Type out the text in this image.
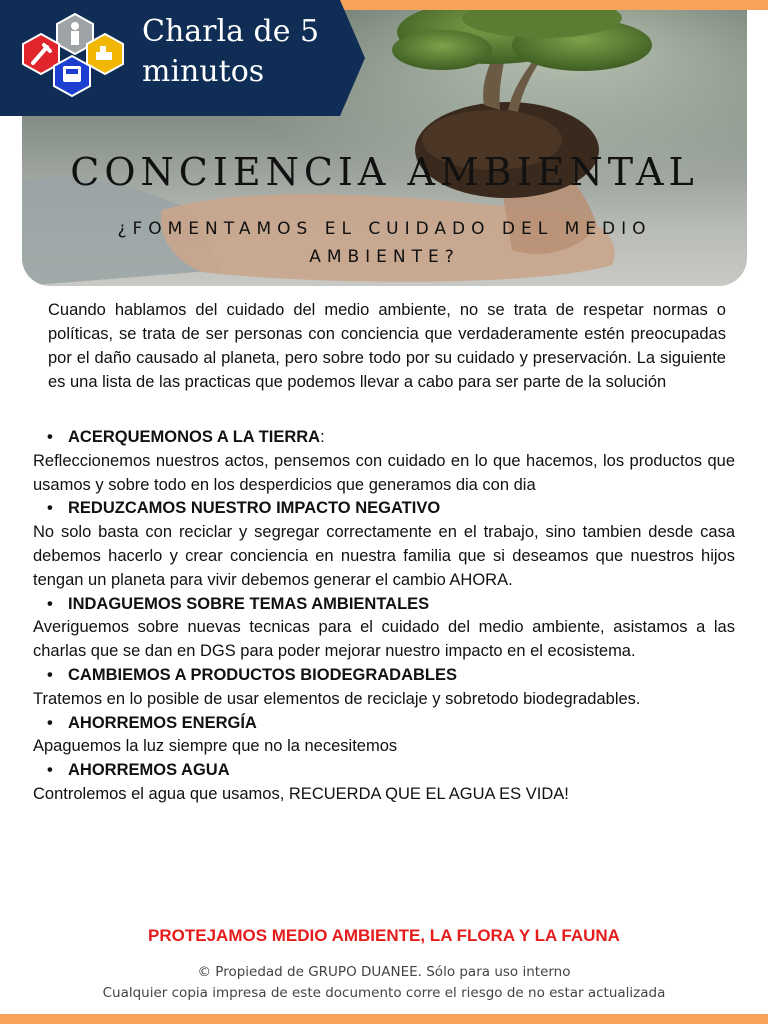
CONCIENCIA AMBIENTAL
¿FOMENTAMOS EL CUIDADO DEL MEDIO AMBIENTE?
Charla de 5 minutos
Cuando hablamos del cuidado del medio ambiente, no se trata de respetar normas o políticas, se trata de ser personas con conciencia que verdaderamente estén preocupadas por el daño causado al planeta, pero sobre todo por su cuidado y preservación. La siguiente es una lista de las practicas que podemos llevar a cabo para ser parte de la solución
• ACERQUEMONOS A LA TIERRA :
Refleccionemos nuestros actos, pensemos con cuidado en lo que hacemos, los productos que usamos y sobre todo en los desperdicios que generamos dia con dia
• REDUZCAMOS NUESTRO IMPACTO NEGATIVO
No solo basta con reciclar y segregar correctamente en el trabajo, sino tambien desde casa debemos hacerlo y crear conciencia en nuestra familia que si deseamos que nuestros hijos tengan un planeta para vivir debemos generar el cambio AHORA.
• INDAGUEMOS SOBRE TEMAS AMBIENTALES
Averiguemos sobre nuevas tecnicas para el cuidado del medio ambiente, asistamos a las charlas que se dan en DGS para poder mejorar nuestro impacto en el ecosistema.
• CAMBIEMOS A PRODUCTOS BIODEGRADABLES
Tratemos en lo posible de usar elementos de reciclaje y sobretodo biodegradables.
• AHORREMOS ENERGÍA
Apaguemos la luz siempre que no la necesitemos
• AHORREMOS AGUA
Controlemos el agua que usamos, RECUERDA QUE EL AGUA ES VIDA!
PROTEJAMOS MEDIO AMBIENTE, LA FLORA Y LA FAUNA
© Propiedad de GRUPO DUANEE. Sólo para uso interno
Cualquier copia impresa de este documento corre el riesgo de no estar actualizada
